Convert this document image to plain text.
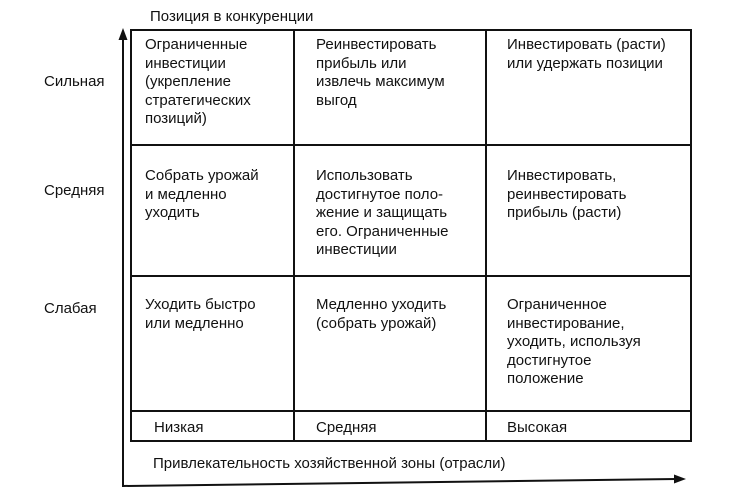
Позиция в конкуренции
Сильная
Средняя
Слабая
Ограниченные
инвестиции
(укрепление
стратегических
позиций)
Реинвестировать
прибыль или
извлечь максимум
выгод
Инвестировать (расти)
или удержать позиции
Собрать урожай
и медленно
уходить
Использовать
достигнутое поло-
жение и защищать
его. Ограниченные
инвестиции
Инвестировать,
реинвестировать
прибыль (расти)
Уходить быстро
или медленно
Медленно уходить
(собрать урожай)
Ограниченное
инвестирование,
уходить, используя
достигнутое
положение
Низкая	Средняя	Высокая
Привлекательность хозяйственной зоны (отрасли)
